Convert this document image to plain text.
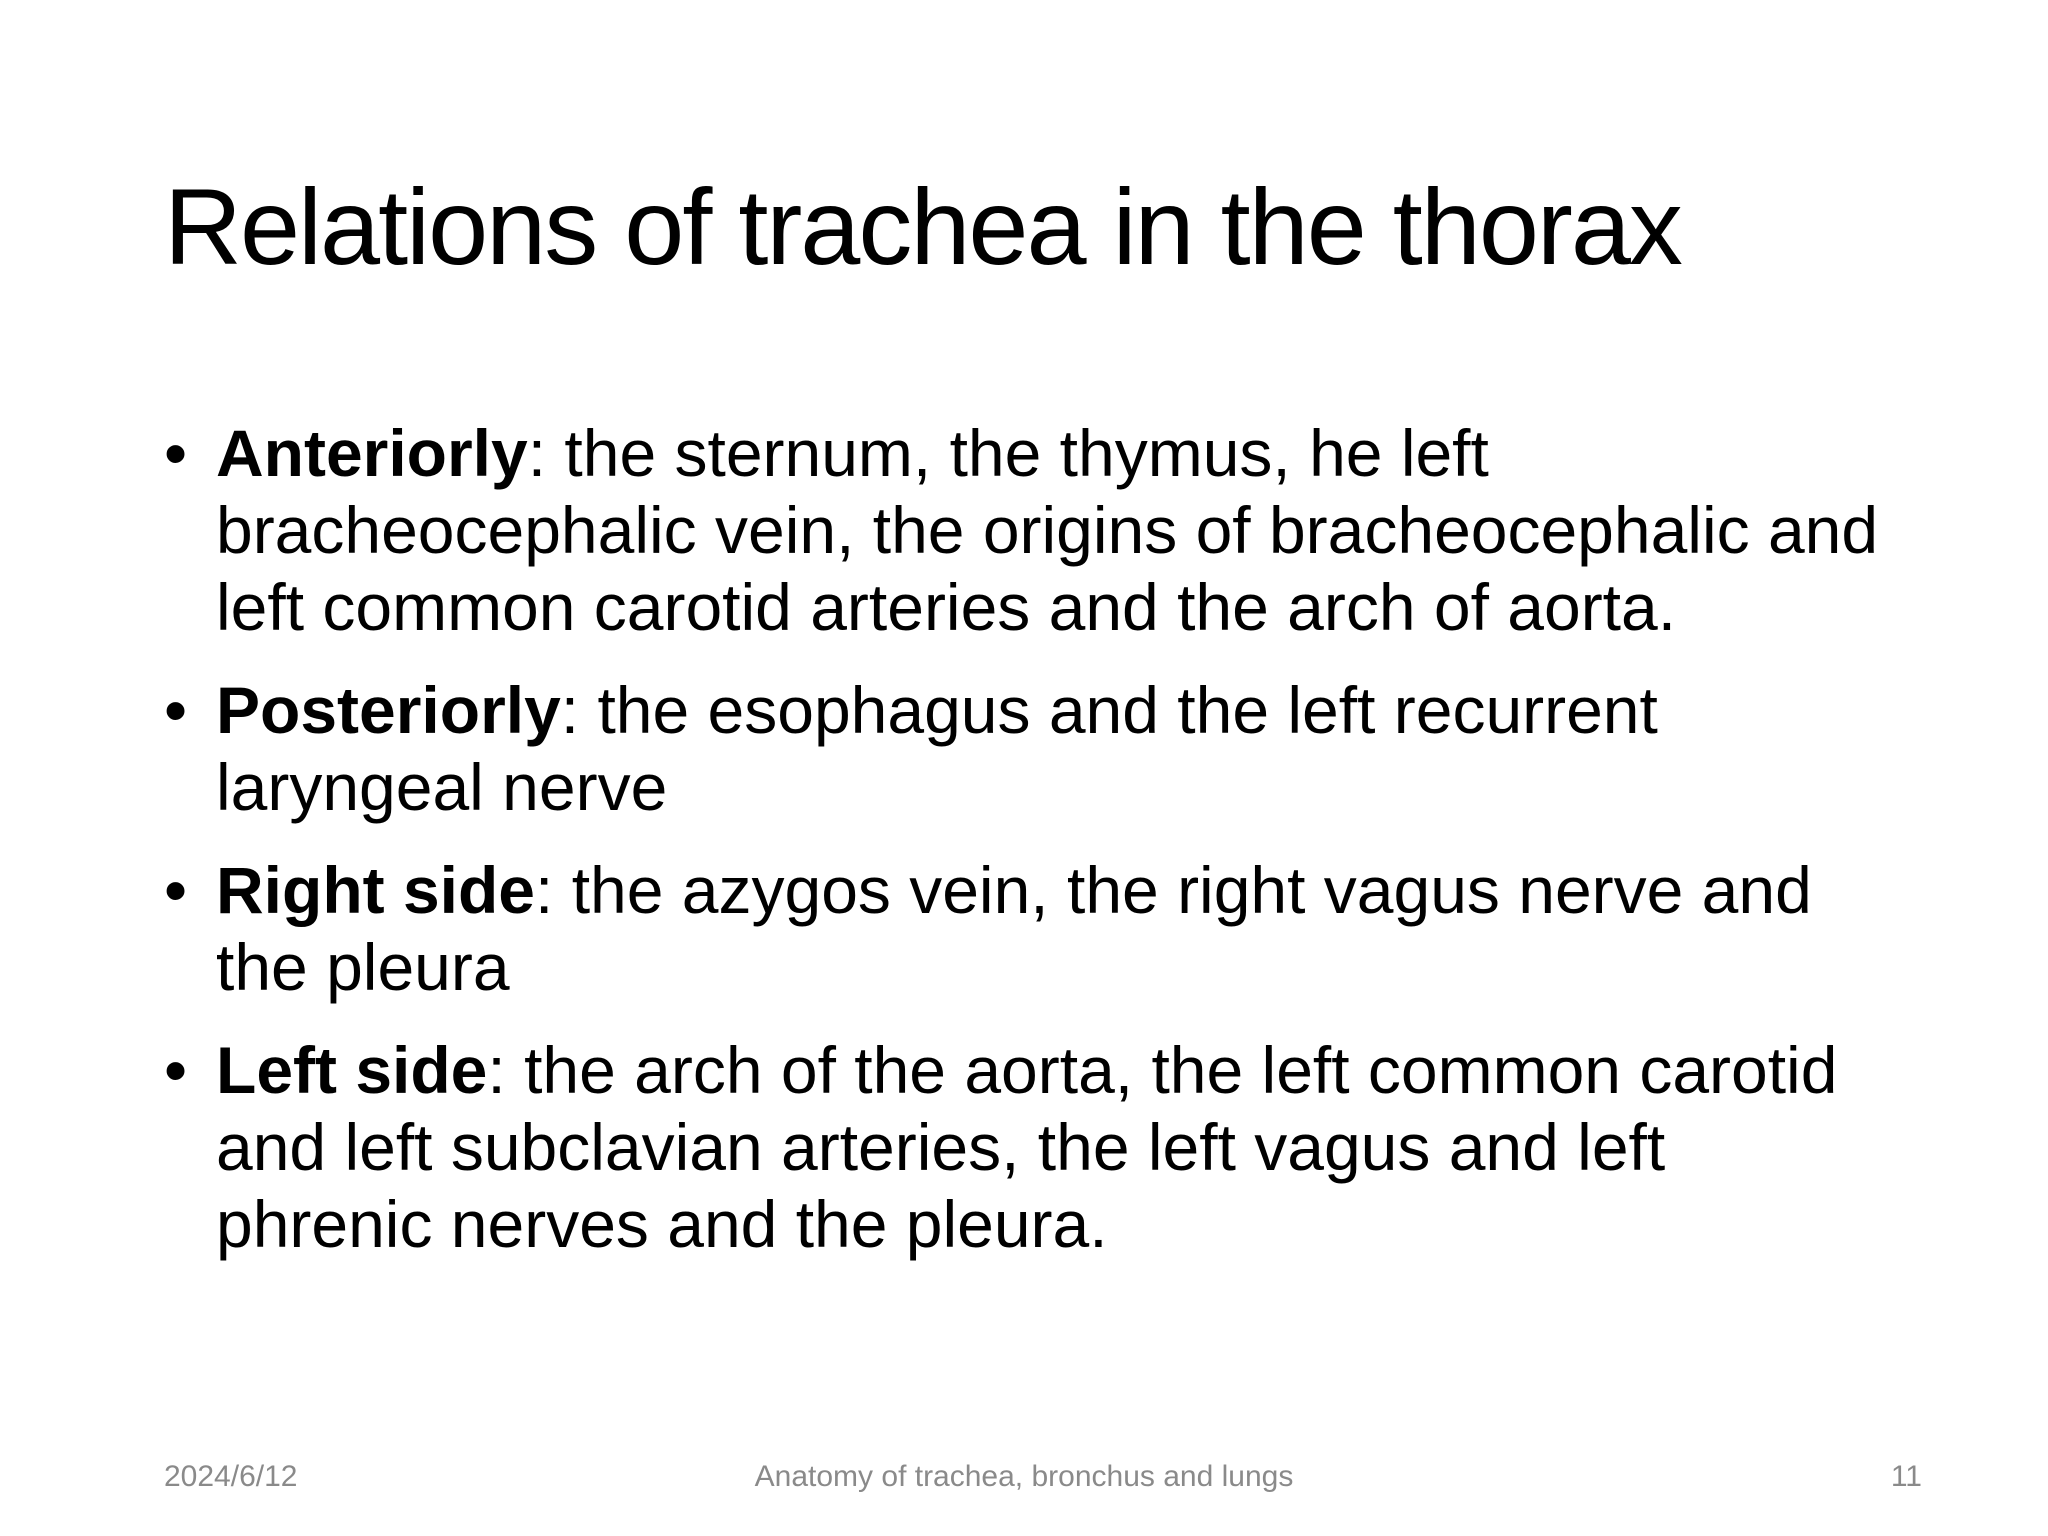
Relations of trachea in the thorax
• Anteriorly: the sternum, the thymus, he left bracheocephalic vein, the origins of bracheocephalic and left common carotid arteries and the arch of aorta.
• Posteriorly: the esophagus and the left recurrent laryngeal nerve
• Right side: the azygos vein, the right vagus nerve and the pleura
• Left side: the arch of the aorta, the left common carotid and left subclavian arteries, the left vagus and left phrenic nerves and the pleura.
2024/6/12	Anatomy of trachea, bronchus and lungs	11
